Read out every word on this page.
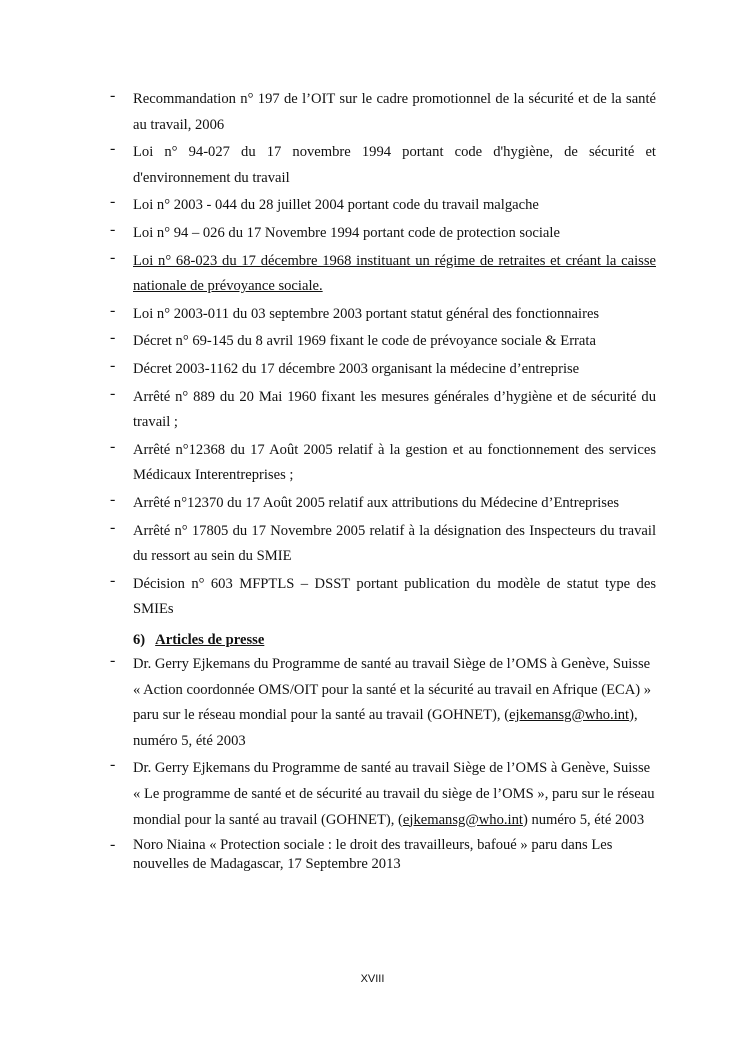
- Recommandation n° 197 de l’OIT sur le cadre promotionnel de la sécurité et de la santé au travail, 2006
- Loi n° 94-027 du 17 novembre 1994 portant code d'hygiène, de sécurité et d'environnement du travail
- Loi n° 2003 - 044 du 28 juillet 2004 portant code du travail malgache
- Loi n° 94 – 026 du 17 Novembre 1994 portant code de protection sociale
- Loi n° 68-023 du 17 décembre 1968 instituant un régime de retraites et créant la caisse nationale de prévoyance sociale.
- Loi n° 2003-011 du 03 septembre 2003 portant statut général des fonctionnaires
- Décret n° 69-145 du 8 avril 1969 fixant le code de prévoyance sociale & Errata
- Décret 2003-1162 du 17 décembre 2003 organisant la médecine d’entreprise
- Arrêté n° 889 du 20 Mai 1960 fixant les mesures générales d’hygiène et de sécurité du travail ;
- Arrêté n°12368 du 17 Août 2005 relatif à la gestion et au fonctionnement des services Médicaux Interentreprises ;
- Arrêté n°12370 du 17 Août 2005 relatif aux attributions du Médecine d’Entreprises
- Arrêté n° 17805 du 17 Novembre 2005 relatif à la désignation des Inspecteurs du travail du ressort au sein du SMIE
- Décision n° 603 MFPTLS – DSST portant publication du modèle de statut type des SMIEs
6) Articles de presse
- Dr. Gerry Ejkemans du Programme de santé au travail Siège de l’OMS à Genève, Suisse « Action coordonnée OMS/OIT pour la santé et la sécurité au travail en Afrique (ECA) » paru sur le réseau mondial pour la santé au travail (GOHNET), (ejkemansg@who.int), numéro 5, été 2003
- Dr. Gerry Ejkemans du Programme de santé au travail Siège de l’OMS à Genève, Suisse « Le programme de santé et de sécurité au travail du siège de l’OMS », paru sur le réseau mondial pour la santé au travail (GOHNET), (ejkemansg@who.int) numéro 5, été 2003
- Noro Niaina « Protection sociale : le droit des travailleurs, bafoué » paru dans Les nouvelles de Madagascar, 17 Septembre 2013
XVIII
